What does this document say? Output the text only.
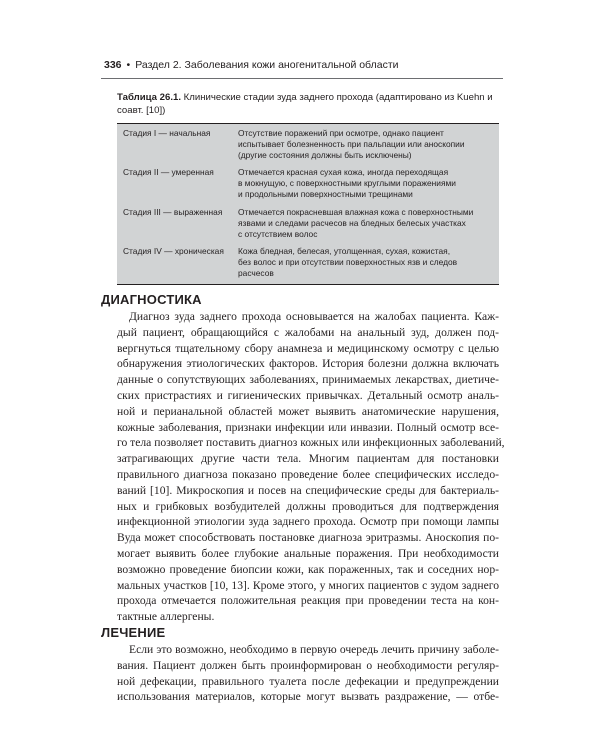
336 • Раздел 2. Заболевания кожи аногенитальной области
Таблица 26.1. Клинические стадии зуда заднего прохода (адаптировано из Kuehn и
соавт. [10])
Стадия I — начальная	Отсутствие поражений при осмотре, однако пациент
испытывает болезненность при пальпации или аноскопии
(другие состояния должны быть исключены)
Стадия II — умеренная	Отмечается красная сухая кожа, иногда переходящая
в мокнущую, с поверхностными круглыми поражениями
и продольными поверхностными трещинами
Стадия III — выраженная	Отмечается покрасневшая влажная кожа с поверхностными
язвами и следами расчесов на бледных белесых участках
с отсутствием волос
Стадия IV — хроническая	Кожа бледная, белесая, утолщенная, сухая, кожистая,
без волос и при отсутствии поверхностных язв и следов
расчесов
ДИАГНОСТИКА
Диагноз зуда заднего прохода основывается на жалобах пациента. Каж-
дый пациент, обращающийся с жалобами на анальный зуд, должен под-
вергнуться тщательному сбору анамнеза и медицинскому осмотру с целью
обнаружения этиологических факторов. История болезни должна включать
данные о сопутствующих заболеваниях, принимаемых лекарствах, диетиче-
ских пристрастиях и гигиенических привычках. Детальный осмотр аналь-
ной и перианальной областей может выявить анатомические нарушения,
кожные заболевания, признаки инфекции или инвазии. Полный осмотр все-
го тела позволяет поставить диагноз кожных или инфекционных заболеваний,
затрагивающих другие части тела. Многим пациентам для постановки
правильного диагноза показано проведение более специфических исследо-
ваний [10]. Микроскопия и посев на специфические среды для бактериаль-
ных и грибковых возбудителей должны проводиться для подтверждения
инфекционной этиологии зуда заднего прохода. Осмотр при помощи лампы
Вуда может способствовать постановке диагноза эритразмы. Аноскопия по-
могает выявить более глубокие анальные поражения. При необходимости
возможно проведение биопсии кожи, как пораженных, так и соседних нор-
мальных участков [10, 13]. Кроме этого, у многих пациентов с зудом заднего
прохода отмечается положительная реакция при проведении теста на кон-
тактные аллергены.
ЛЕЧЕНИЕ
Если это возможно, необходимо в первую очередь лечить причину заболе-
вания. Пациент должен быть проинформирован о необходимости регуляр-
ной дефекации, правильного туалета после дефекации и предупреждении
использования материалов, которые могут вызвать раздражение, — отбе-
